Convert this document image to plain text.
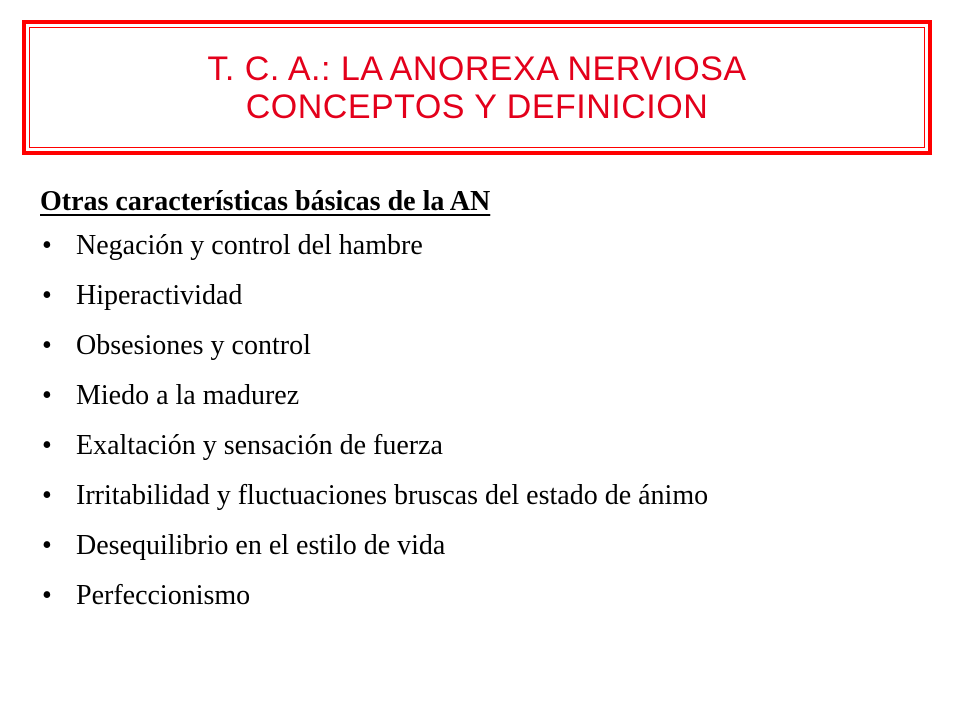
T. C. A.: LA ANOREXA NERVIOSA
CONCEPTOS Y DEFINICION

Otras características básicas de la AN

• Negación y control del hambre
• Hiperactividad
• Obsesiones y control
• Miedo a la madurez
• Exaltación y sensación de fuerza
• Irritabilidad y fluctuaciones bruscas del estado de ánimo
• Desequilibrio en el estilo de vida
• Perfeccionismo
